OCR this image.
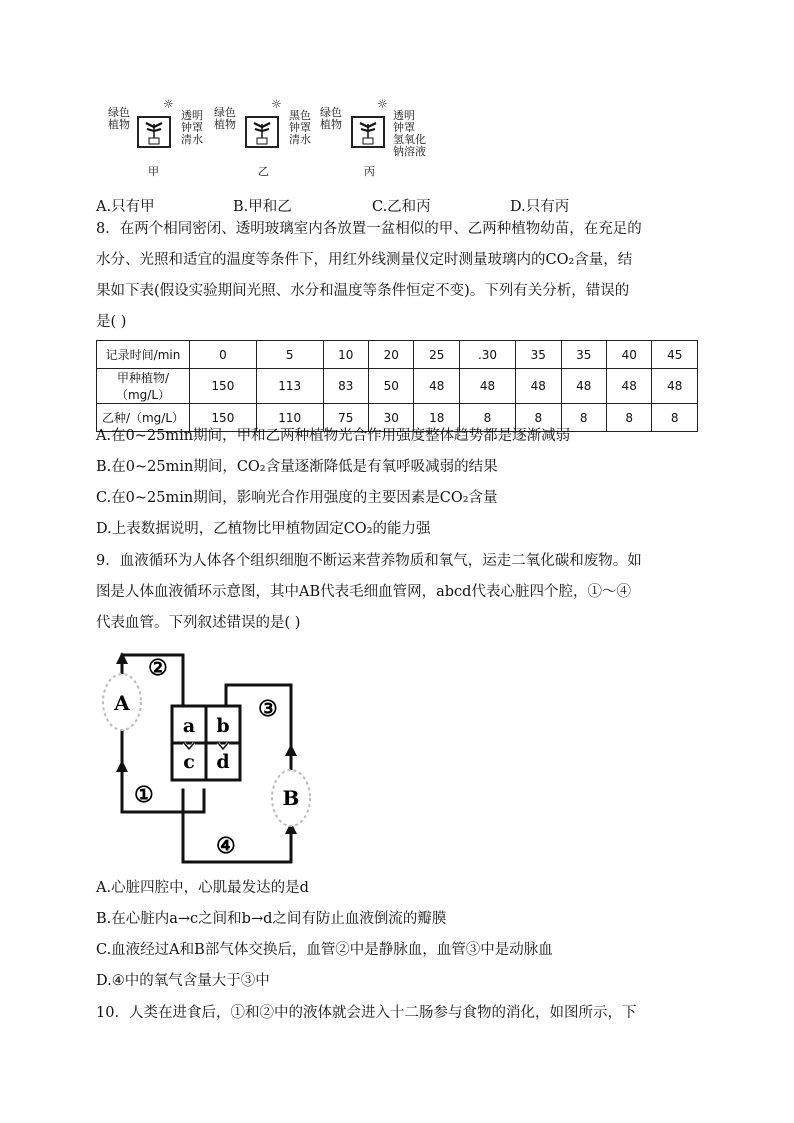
绿色
植物
☼
透明
钟罩
清水
甲
绿色
植物
☼
黑色
钟罩
清水
乙
绿色
植物
☼
透明
钟罩
氢氧化
钠溶液
丙
A.只有甲	B.甲和乙	C.乙和丙	D.只有丙
8．在两个相同密闭、透明玻璃室内各放置一盆相似的甲、乙两种植物幼苗，在充足的
水分、光照和适宜的温度等条件下，用红外线测量仪定时测量玻璃内的CO₂含量，结
果如下表(假设实验期间光照、水分和温度等条件恒定不变)。下列有关分析，错误的
是( )
记录时间/min	0	5	10	20	25	.30	35	35	40	45
甲种植物/（mg/L）	150	113	83	50	48	48	48	48	48	48
乙种/（mg/L）	150	110	75	30	18	8	8	8	8	8
A.在0~25min期间，甲和乙两种植物光合作用强度整体趋势都是逐渐减弱
B.在0~25min期间，CO₂含量逐渐降低是有氧呼吸减弱的结果
C.在0~25min期间，影响光合作用强度的主要因素是CO₂含量
D.上表数据说明，乙植物比甲植物固定CO₂的能力强
9．血液循环为人体各个组织细胞不断运来营养物质和氧气，运走二氧化碳和废物。如
图是人体血液循环示意图，其中AB代表毛细血管网，abcd代表心脏四个腔，①～④
代表血管。下列叙述错误的是( )
A
B
a b
c d
①
②
③
④
A.心脏四腔中，心肌最发达的是d
B.在心脏内a→c之间和b→d之间有防止血液倒流的瓣膜
C.血液经过A和B部气体交换后，血管②中是静脉血，血管③中是动脉血
D.④中的氧气含量大于③中
10．人类在进食后，①和②中的液体就会进入十二肠参与食物的消化，如图所示，下
